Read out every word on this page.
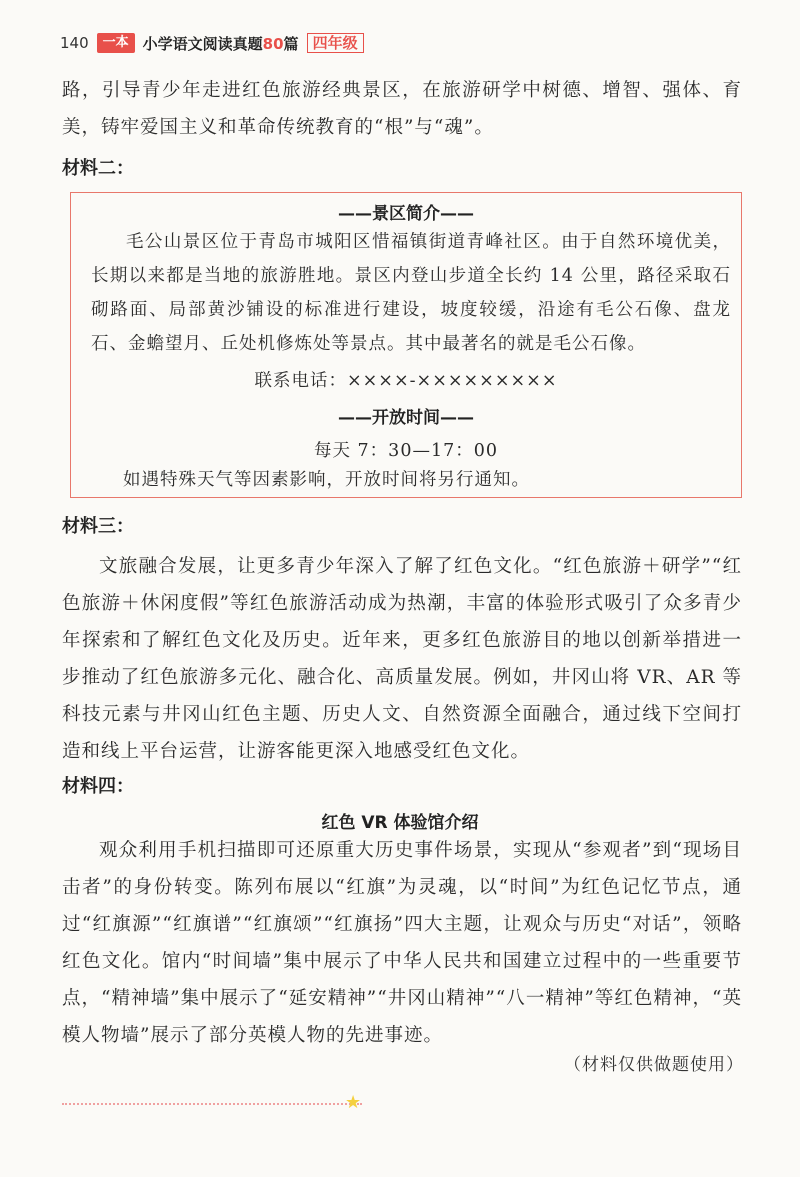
140	一本 小学语文阅读真题80篇 四年级
路，引导青少年走进红色旅游经典景区，在旅游研学中树德、增智、强体、育美，铸牢爱国主义和革命传统教育的“根”与“魂”。
材料二：
——景区简介——
毛公山景区位于青岛市城阳区惜福镇街道青峰社区。由于自然环境优美，长期以来都是当地的旅游胜地。景区内登山步道全长约 14 公里，路径采取石砌路面、局部黄沙铺设的标准进行建设，坡度较缓，沿途有毛公石像、盘龙石、金蟾望月、丘处机修炼处等景点。其中最著名的就是毛公石像。
联系电话：××××-×××××××××
——开放时间——
每天 7：30—17：00
如遇特殊天气等因素影响，开放时间将另行通知。
材料三：
文旅融合发展，让更多青少年深入了解了红色文化。“红色旅游＋研学”“红色旅游＋休闲度假”等红色旅游活动成为热潮，丰富的体验形式吸引了众多青少年探索和了解红色文化及历史。近年来，更多红色旅游目的地以创新举措进一步推动了红色旅游多元化、融合化、高质量发展。例如，井冈山将 VR、AR 等科技元素与井冈山红色主题、历史人文、自然资源全面融合，通过线下空间打造和线上平台运营，让游客能更深入地感受红色文化。
材料四：
红色 VR 体验馆介绍
观众利用手机扫描即可还原重大历史事件场景，实现从“参观者”到“现场目击者”的身份转变。陈列布展以“红旗”为灵魂，以“时间”为红色记忆节点，通过“红旗源”“红旗谱”“红旗颂”“红旗扬”四大主题，让观众与历史“对话”，领略红色文化。馆内“时间墙”集中展示了中华人民共和国建立过程中的一些重要节点，“精神墙”集中展示了“延安精神”“井冈山精神”“八一精神”等红色精神，“英模人物墙”展示了部分英模人物的先进事迹。
（材料仅供做题使用）
★
